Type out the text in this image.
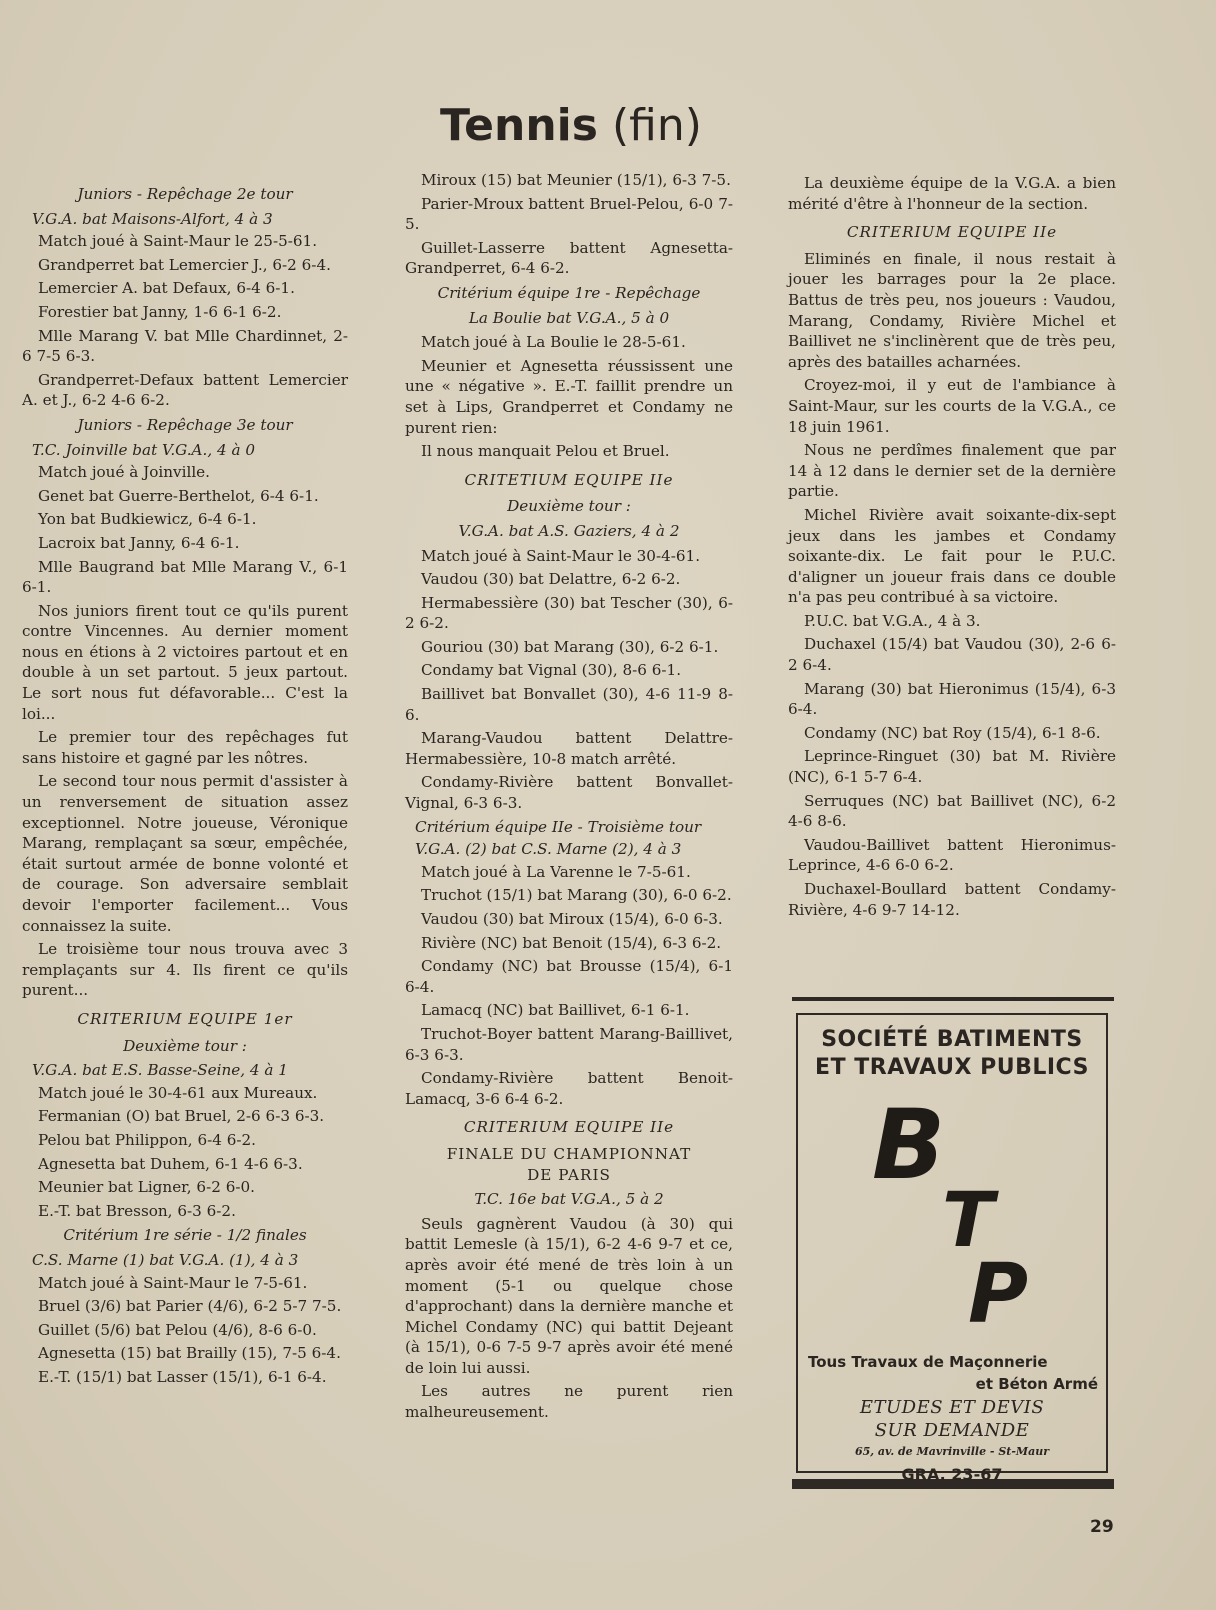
Tennis (fin)

Juniors - Repêchage 2e tour

V.G.A. bat Maisons-Alfort, 4 à 3

Match joué à Saint-Maur le 25-5-61.

Grandperret bat Lemercier J., 6-2 6-4.

Lemercier A. bat Defaux, 6-4 6-1.

Forestier bat Janny, 1-6 6-1 6-2.

Mlle Marang V. bat Mlle Chardinnet, 2-6 7-5 6-3.

Grandperret-Defaux battent Lemercier A. et J., 6-2 4-6 6-2.

Juniors - Repêchage 3e tour

T.C. Joinville bat V.G.A., 4 à 0

Match joué à Joinville.

Genet bat Guerre-Berthelot, 6-4 6-1.

Yon bat Budkiewicz, 6-4 6-1.

Lacroix bat Janny, 6-4 6-1.

Mlle Baugrand bat Mlle Marang V., 6-1 6-1.

Nos juniors firent tout ce qu'ils purent contre Vincennes. Au dernier moment nous en étions à 2 victoires partout et en double à un set partout. 5 jeux partout. Le sort nous fut défavorable... C'est la loi...

Le premier tour des repêchages fut sans histoire et gagné par les nôtres.

Le second tour nous permit d'assister à un renversement de situation assez exceptionnel. Notre joueuse, Véronique Marang, remplaçant sa sœur, empêchée, était surtout armée de bonne volonté et de courage. Son adversaire semblait devoir l'emporter facilement... Vous connaissez la suite.

Le troisième tour nous trouva avec 3 remplaçants sur 4. Ils firent ce qu'ils purent...

CRITERIUM EQUIPE 1er

Deuxième tour :

V.G.A. bat E.S. Basse-Seine, 4 à 1

Match joué le 30-4-61 aux Mureaux.

Fermanian (O) bat Bruel, 2-6 6-3 6-3.

Pelou bat Philippon, 6-4 6-2.

Agnesetta bat Duhem, 6-1 4-6 6-3.

Meunier bat Ligner, 6-2 6-0.

E.-T. bat Bresson, 6-3 6-2.

Critérium 1re série - 1/2 finales

C.S. Marne (1) bat V.G.A. (1), 4 à 3

Match joué à Saint-Maur le 7-5-61.

Bruel (3/6) bat Parier (4/6), 6-2 5-7 7-5.

Guillet (5/6) bat Pelou (4/6), 8-6 6-0.

Agnesetta (15) bat Brailly (15), 7-5 6-4.

E.-T. (15/1) bat Lasser (15/1), 6-1 6-4.

Miroux (15) bat Meunier (15/1), 6-3 7-5.

Parier-Mroux battent Bruel-Pelou, 6-0 7-5.

Guillet-Lasserre battent Agnesetta-Grandperret, 6-4 6-2.

Critérium équipe 1re - Repêchage

La Boulie bat V.G.A., 5 à 0

Match joué à La Boulie le 28-5-61.

Meunier et Agnesetta réussissent une une « négative ». E.-T. faillit prendre un set à Lips, Grandperret et Condamy ne purent rien:

Il nous manquait Pelou et Bruel.

CRITETIUM EQUIPE IIe

Deuxième tour :

V.G.A. bat A.S. Gaziers, 4 à 2

Match joué à Saint-Maur le 30-4-61.

Vaudou (30) bat Delattre, 6-2 6-2.

Hermabessière (30) bat Tescher (30), 6-2 6-2.

Gouriou (30) bat Marang (30), 6-2 6-1.

Condamy bat Vignal (30), 8-6 6-1.

Baillivet bat Bonvallet (30), 4-6 11-9 8-6.

Marang-Vaudou battent Delattre-Hermabessière, 10-8 match arrêté.

Condamy-Rivière battent Bonvallet-Vignal, 6-3 6-3.

Critérium équipe IIe - Troisième tour

V.G.A. (2) bat C.S. Marne (2), 4 à 3

Match joué à La Varenne le 7-5-61.

Truchot (15/1) bat Marang (30), 6-0 6-2.

Vaudou (30) bat Miroux (15/4), 6-0 6-3.

Rivière (NC) bat Benoit (15/4), 6-3 6-2.

Condamy (NC) bat Brousse (15/4), 6-1 6-4.

Lamacq (NC) bat Baillivet, 6-1 6-1.

Truchot-Boyer battent Marang-Baillivet, 6-3 6-3.

Condamy-Rivière battent Benoit-Lamacq, 3-6 6-4 6-2.

CRITERIUM EQUIPE IIe

FINALE DU CHAMPIONNAT

DE PARIS

T.C. 16e bat V.G.A., 5 à 2

Seuls gagnèrent Vaudou (à 30) qui battit Lemesle (à 15/1), 6-2 4-6 9-7 et ce, après avoir été mené de très loin à un moment (5-1 ou quelque chose d'approchant) dans la dernière manche et Michel Condamy (NC) qui battit Dejeant (à 15/1), 0-6 7-5 9-7 après avoir été mené de loin lui aussi.

Les autres ne purent rien malheureusement.

La deuxième équipe de la V.G.A. a bien mérité d'être à l'honneur de la section.

CRITERIUM EQUIPE IIe

Eliminés en finale, il nous restait à jouer les barrages pour la 2e place. Battus de très peu, nos joueurs : Vaudou, Marang, Condamy, Rivière Michel et Baillivet ne s'inclinèrent que de très peu, après des batailles acharnées.

Croyez-moi, il y eut de l'ambiance à Saint-Maur, sur les courts de la V.G.A., ce 18 juin 1961.

Nous ne perdîmes finalement que par 14 à 12 dans le dernier set de la dernière partie.

Michel Rivière avait soixante-dix-sept jeux dans les jambes et Condamy soixante-dix. Le fait pour le P.U.C. d'aligner un joueur frais dans ce double n'a pas peu contribué à sa victoire.

P.U.C. bat V.G.A., 4 à 3.

Duchaxel (15/4) bat Vaudou (30), 2-6 6-2 6-4.

Marang (30) bat Hieronimus (15/4), 6-3 6-4.

Condamy (NC) bat Roy (15/4), 6-1 8-6.

Leprince-Ringuet (30) bat M. Rivière (NC), 6-1 5-7 6-4.

Serruques (NC) bat Baillivet (NC), 6-2 4-6 8-6.

Vaudou-Baillivet battent Hieronimus-Leprince, 4-6 6-0 6-2.

Duchaxel-Boullard battent Condamy-Rivière, 4-6 9-7 14-12.

SOCIÉTÉ BATIMENTS
ET TRAVAUX PUBLICS
B
T
P
Tous Travaux de Maçonnerie
et Béton Armé
ETUDES ET DEVIS
SUR DEMANDE
65, av. de Mavrinville - St-Maur
GRA. 23-67
29
